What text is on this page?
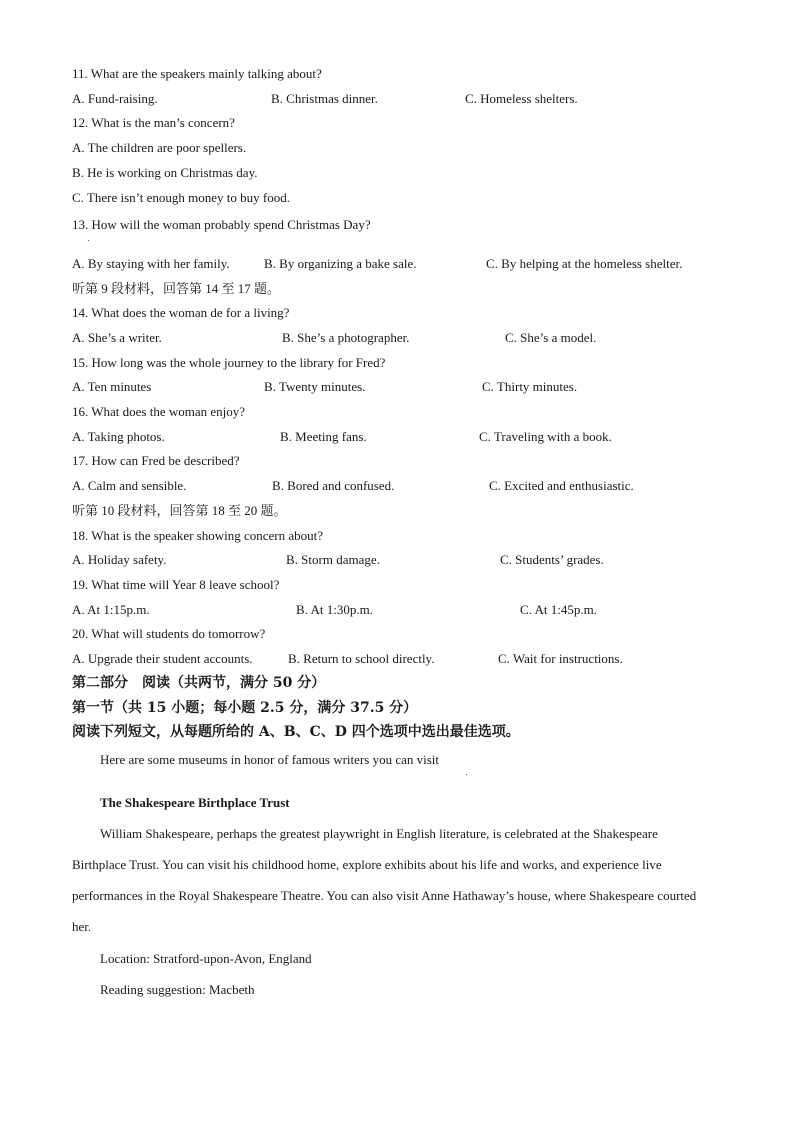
11. What are the speakers mainly talking about?
A. Fund-raising.	B. Christmas dinner.	C. Homeless shelters.
12. What is the man’s concern?
A. The children are poor spellers.
B. He is working on Christmas day.
C. There isn’t enough money to buy food.
13. How will the woman probably spend Christmas Day?
A. By staying with her family.	B. By organizing a bake sale.	C. By helping at the homeless shelter.
听第 9 段材料，回答第 14 至 17 题。
14. What does the woman de for a living?
A. She’s a writer.	B. She’s a photographer.	C. She’s a model.
15. How long was the whole journey to the library for Fred?
A. Ten minutes	B. Twenty minutes.	C. Thirty minutes.
16. What does the woman enjoy?
A. Taking photos.	B. Meeting fans.	C. Traveling with a book.
17. How can Fred be described?
A. Calm and sensible.	B. Bored and confused.	C. Excited and enthusiastic.
听第 10 段材料，回答第 18 至 20 题。
18. What is the speaker showing concern about?
A. Holiday safety.	B. Storm damage.	C. Students’ grades.
19. What time will Year 8 leave school?
A. At 1:15p.m.	B. At 1:30p.m.	C. At 1:45p.m.
20. What will students do tomorrow?
A. Upgrade their student accounts.	B. Return to school directly.	C. Wait for instructions.
第二部分　阅读（共两节，满分 50 分）
第一节（共 15 小题；每小题 2.5 分，满分 37.5 分）
阅读下列短文，从每题所给的 A、B、C、D 四个选项中选出最佳选项。
Here are some museums in honor of famous writers you can visit
The Shakespeare Birthplace Trust
William Shakespeare, perhaps the greatest playwright in English literature, is celebrated at the Shakespeare Birthplace Trust. You can visit his childhood home, explore exhibits about his life and works, and experience live performances in the Royal Shakespeare Theatre. You can also visit Anne Hathaway’s house, where Shakespeare courted her.
Location: Stratford-upon-Avon, England
Reading suggestion: Macbeth
